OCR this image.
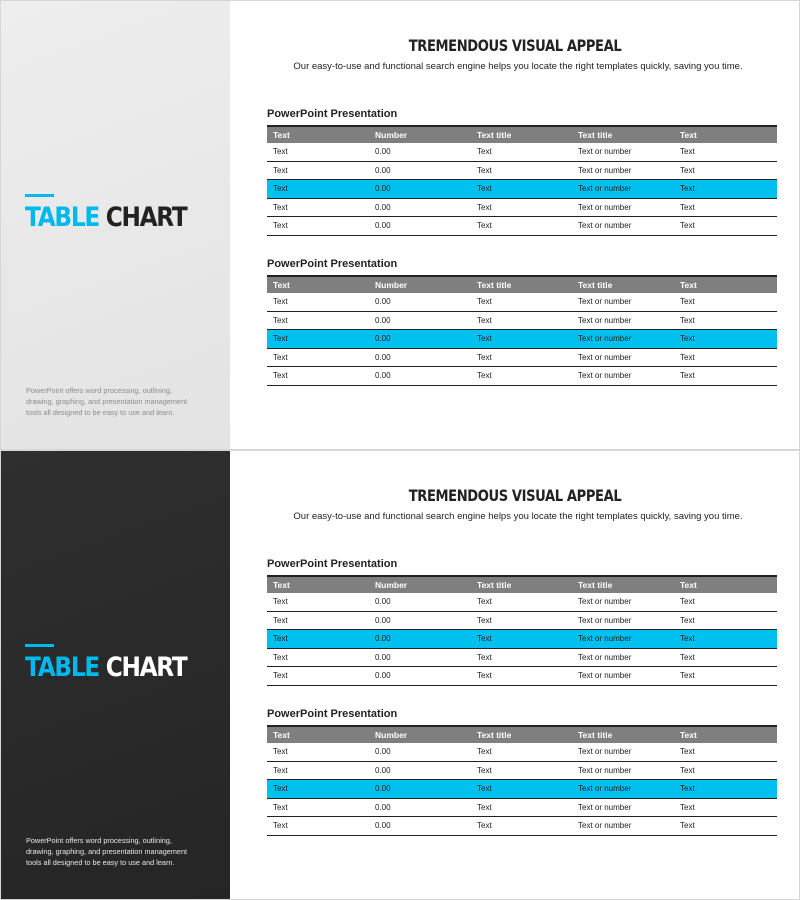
TABLE CHART
PowerPoint offers word processing, outlining, drawing, graphing, and presentation management tools all designed to be easy to use and learn.
TREMENDOUS VISUAL APPEAL
Our easy-to-use and functional search engine helps you locate the right templates quickly, saving you time.
PowerPoint Presentation
Text	Number	Text title	Text title	Text
Text	0.00	Text	Text or number	Text
Text	0.00	Text	Text or number	Text
Text	0.00	Text	Text or number	Text
Text	0.00	Text	Text or number	Text
Text	0.00	Text	Text or number	Text
PowerPoint Presentation
Text	Number	Text title	Text title	Text
Text	0.00	Text	Text or number	Text
Text	0.00	Text	Text or number	Text
Text	0.00	Text	Text or number	Text
Text	0.00	Text	Text or number	Text
Text	0.00	Text	Text or number	Text
TABLE CHART
PowerPoint offers word processing, outlining, drawing, graphing, and presentation management tools all designed to be easy to use and learn.
TREMENDOUS VISUAL APPEAL
Our easy-to-use and functional search engine helps you locate the right templates quickly, saving you time.
PowerPoint Presentation
Text	Number	Text title	Text title	Text
Text	0.00	Text	Text or number	Text
Text	0.00	Text	Text or number	Text
Text	0.00	Text	Text or number	Text
Text	0.00	Text	Text or number	Text
Text	0.00	Text	Text or number	Text
PowerPoint Presentation
Text	Number	Text title	Text title	Text
Text	0.00	Text	Text or number	Text
Text	0.00	Text	Text or number	Text
Text	0.00	Text	Text or number	Text
Text	0.00	Text	Text or number	Text
Text	0.00	Text	Text or number	Text
